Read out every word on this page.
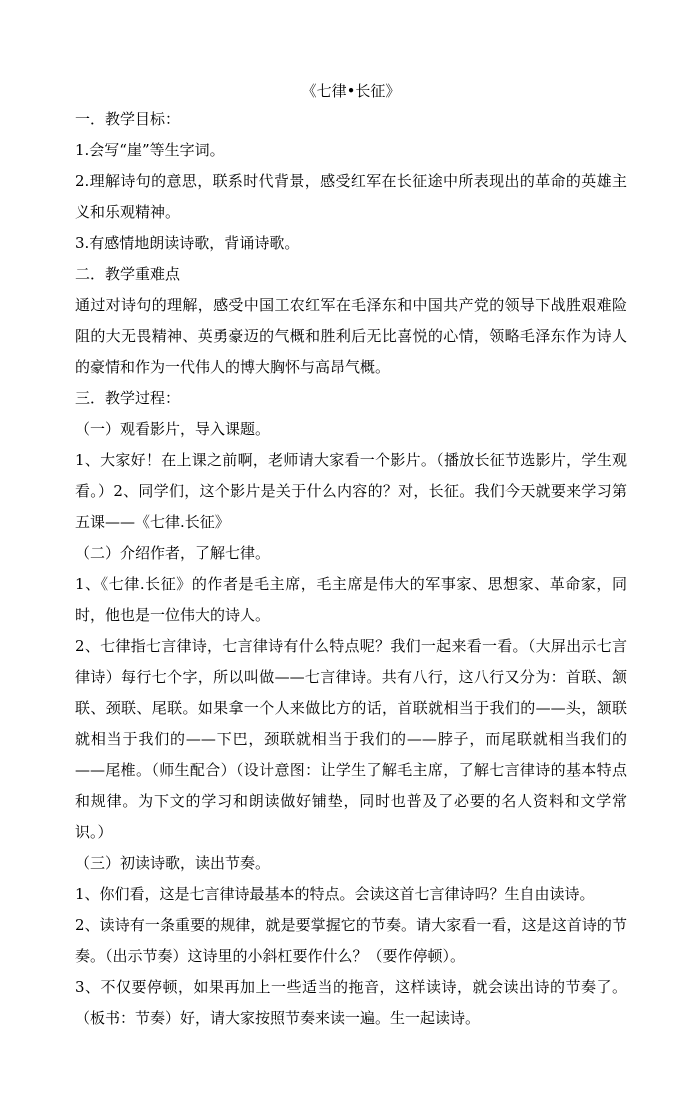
《七律•长征》

一．教学目标：

1.会写“崖”等生字词。

2.理解诗句的意思，联系时代背景，感受红军在长征途中所表现出的革命的英雄主义和乐观精神。

3.有感情地朗读诗歌，背诵诗歌。

二．教学重难点

通过对诗句的理解，感受中国工农红军在毛泽东和中国共产党的领导下战胜艰难险阻的大无畏精神、英勇豪迈的气概和胜利后无比喜悦的心情，领略毛泽东作为诗人的豪情和作为一代伟人的博大胸怀与高昂气概。

三．教学过程：

（一）观看影片，导入课题。

1、大家好！在上课之前啊，老师请大家看一个影片。（播放长征节选影片，学生观看。）2、同学们，这个影片是关于什么内容的？对，长征。我们今天就要来学习第五课——《七律.长征》

（二）介绍作者，了解七律。

1、《七律.长征》的作者是毛主席，毛主席是伟大的军事家、思想家、革命家，同时，他也是一位伟大的诗人。

2、七律指七言律诗，七言律诗有什么特点呢？我们一起来看一看。（大屏出示七言律诗）每行七个字，所以叫做——七言律诗。共有八行，这八行又分为：首联、颔联、颈联、尾联。如果拿一个人来做比方的话，首联就相当于我们的——头，颔联就相当于我们的——下巴，颈联就相当于我们的——脖子，而尾联就相当我们的——尾椎。（师生配合）（设计意图：让学生了解毛主席，了解七言律诗的基本特点和规律。为下文的学习和朗读做好铺垫，同时也普及了必要的名人资料和文学常识。）

（三）初读诗歌，读出节奏。

1、你们看，这是七言律诗最基本的特点。会读这首七言律诗吗？生自由读诗。

2、读诗有一条重要的规律，就是要掌握它的节奏。请大家看一看，这是这首诗的节奏。（出示节奏）这诗里的小斜杠要作什么？（要作停顿）。

3、不仅要停顿，如果再加上一些适当的拖音，这样读诗，就会读出诗的节奏了。（板书：节奏）好，请大家按照节奏来读一遍。生一起读诗。
